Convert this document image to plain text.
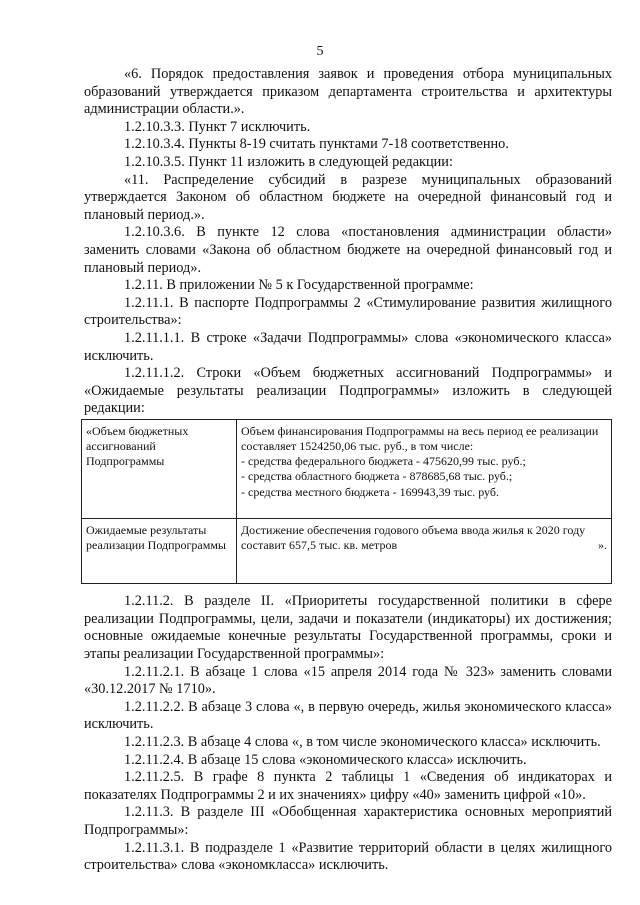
5

«6. Порядок предоставления заявок и проведения отбора муниципальных образований утверждается приказом департамента строительства и архитектуры администрации области.».

1.2.10.3.3. Пункт 7 исключить.

1.2.10.3.4. Пункты 8-19 считать пунктами 7-18 соответственно.

1.2.10.3.5. Пункт 11 изложить в следующей редакции:

«11. Распределение субсидий в разрезе муниципальных образований утверждается Законом об областном бюджете на очередной финансовый год и плановый период.».

1.2.10.3.6. В пункте 12 слова «постановления администрации области» заменить словами «Закона об областном бюджете на очередной финансовый год и плановый период».

1.2.11. В приложении № 5 к Государственной программе:

1.2.11.1. В паспорте Подпрограммы 2 «Стимулирование развития жилищного строительства»:

1.2.11.1.1. В строке «Задачи Подпрограммы» слова «экономического класса» исключить.

1.2.11.1.2. Строки «Объем бюджетных ассигнований Подпрограммы» и «Ожидаемые результаты реализации Подпрограммы» изложить в следующей редакции:

«Объем бюджетных ассигнований Подпрограммы	Объем финансирования Подпрограммы на весь период ее реализации составляет 1524250,06 тыс. руб., в том числе:
- средства федерального бюджета - 475620,99 тыс. руб.;
- средства областного бюджета - 878685,68 тыс. руб.;
- средства местного бюджета - 169943,39 тыс. руб.

Ожидаемые результаты реализации Подпрограммы	Достижение обеспечения годового объема ввода жилья к 2020 году составит 657,5 тыс. кв. метров ».

1.2.11.2. В разделе II. «Приоритеты государственной политики в сфере реализации Подпрограммы, цели, задачи и показатели (индикаторы) их достижения; основные ожидаемые конечные результаты Государственной программы, сроки и этапы реализации Государственной программы»:

1.2.11.2.1. В абзаце 1 слова «15 апреля 2014 года № 323» заменить словами «30.12.2017 № 1710».

1.2.11.2.2. В абзаце 3 слова «, в первую очередь, жилья экономического класса» исключить.

1.2.11.2.3. В абзаце 4 слова «, в том числе экономического класса» исключить.

1.2.11.2.4. В абзаце 15 слова «экономического класса» исключить.

1.2.11.2.5. В графе 8 пункта 2 таблицы 1 «Сведения об индикаторах и показателях Подпрограммы 2 и их значениях» цифру «40» заменить цифрой «10».

1.2.11.3. В разделе III «Обобщенная характеристика основных мероприятий Подпрограммы»:

1.2.11.3.1. В подразделе 1 «Развитие территорий области в целях жилищного строительства» слова «экономкласса» исключить.
